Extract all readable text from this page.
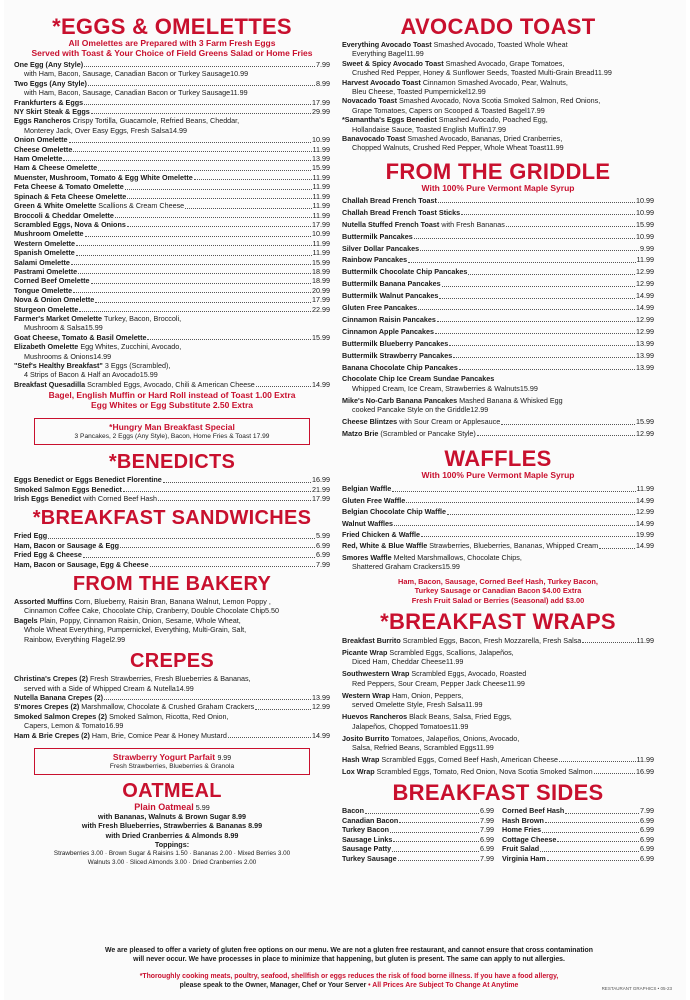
*EGGS & OMELETTES
All Omelettes are Prepared with 3 Farm Fresh Eggs
Served with Toast & Your Choice of Field Greens Salad or Home Fries
One Egg (Any Style)	7.99
with Ham, Bacon, Sausage, Canadian Bacon or Turkey Sausage 10.99
Two Eggs (Any Style)	8.99
with Ham, Bacon, Sausage, Canadian Bacon or Turkey Sausage 11.99
Frankfurters & Eggs	17.99
NY Skirt Steak & Eggs	29.99
Eggs Rancheros Crispy Tortilla, Guacamole, Refried Beans, Cheddar,
Monterey Jack, Over Easy Eggs, Fresh Salsa 14.99
Onion Omelette	10.99
Cheese Omelette	11.99
Ham Omelette	13.99
Ham & Cheese Omelette	15.99
Muenster, Mushroom, Tomato & Egg White Omelette	11.99
Feta Cheese & Tomato Omelette	11.99
Spinach & Feta Cheese Omelette	11.99
Green & White Omelette Scallions & Cream Cheese	11.99
Broccoli & Cheddar Omelette	11.99
Scrambled Eggs, Nova & Onions	17.99
Mushroom Omelette	10.99
Western Omelette	11.99
Spanish Omelette	11.99
Salami Omelette	15.99
Pastrami Omelette	18.99
Corned Beef Omelette	18.99
Tongue Omelette	20.99
Nova & Onion Omelette	17.99
Sturgeon Omelette	22.99
Farmer's Market Omelette Turkey, Bacon, Broccoli,
Mushroom & Salsa 15.99
Goat Cheese, Tomato & Basil Omelette	15.99
Elizabeth Omelette Egg Whites, Zucchini, Avocado,
Mushrooms & Onions 14.99
"Stef's Healthy Breakfast" 3 Eggs (Scrambled),
4 Strips of Bacon & Half an Avocado 15.99
Breakfast Quesadilla Scrambled Eggs, Avocado, Chili & American Cheese	14.99
Bagel, English Muffin or Hard Roll instead of Toast 1.00 Extra
Egg Whites or Egg Substitute 2.50 Extra
*Hungry Man Breakfast Special
3 Pancakes, 2 Eggs (Any Style), Bacon, Home Fries & Toast 17.99
*BENEDICTS
Eggs Benedict or Eggs Benedict Florentine	16.99
Smoked Salmon Eggs Benedict	21.99
Irish Eggs Benedict with Corned Beef Hash	17.99
*BREAKFAST SANDWICHES
Fried Egg	5.99
Ham, Bacon or Sausage & Egg	6.99
Fried Egg & Cheese	6.99
Ham, Bacon or Sausage, Egg & Cheese	7.99
FROM THE BAKERY
Assorted Muffins Corn, Blueberry, Raisin Bran, Banana Walnut, Lemon Poppy ,
Cinnamon Coffee Cake, Chocolate Chip, Cranberry, Double Chocolate Chip 5.50
Bagels Plain, Poppy, Cinnamon Raisin, Onion, Sesame, Whole Wheat,
Whole Wheat Everything, Pumpernickel, Everything, Multi-Grain, Salt,
Rainbow, Everything Flagel 2.99
CREPES
Christina's Crepes (2) Fresh Strawberries, Fresh Blueberries & Bananas,
served with a Side of Whipped Cream & Nutella 14.99
Nutella Banana Crepes (2)	13.99
S'mores Crepes (2) Marshmallow, Chocolate & Crushed Graham Crackers	12.99
Smoked Salmon Crepes (2) Smoked Salmon, Ricotta, Red Onion,
Capers, Lemon & Tomato 16.99
Ham & Brie Crepes (2) Ham, Brie, Comice Pear & Honey Mustard	14.99
Strawberry Yogurt Parfait 9.99
Fresh Strawberries, Blueberries & Granola
OATMEAL
Plain Oatmeal 5.99
with Bananas, Walnuts & Brown Sugar 8.99
with Fresh Blueberries, Strawberries & Bananas 8.99
with Dried Cranberries & Almonds 8.99
Toppings:
Strawberries 3.00 · Brown Sugar & Raisins 1.50 · Bananas 2.00 · Mixed Berries 3.00
Walnuts 3.00 · Sliced Almonds 3.00 · Dried Cranberries 2.00
AVOCADO TOAST
Everything Avocado Toast Smashed Avocado, Toasted Whole Wheat
Everything Bagel 11.99
Sweet & Spicy Avocado Toast Smashed Avocado, Grape Tomatoes,
Crushed Red Pepper, Honey & Sunflower Seeds, Toasted Multi-Grain Bread 11.99
Harvest Avocado Toast Cinnamon Smashed Avocado, Pear, Walnuts,
Bleu Cheese, Toasted Pumpernickel 12.99
Novacado Toast Smashed Avocado, Nova Scotia Smoked Salmon, Red Onions,
Grape Tomatoes, Capers on Scooped & Toasted Bagel 17.99
*Samantha's Eggs Benedict Smashed Avocado, Poached Egg,
Hollandaise Sauce, Toasted English Muffin 17.99
Banavocado Toast Smashed Avocado, Bananas, Dried Cranberries,
Chopped Walnuts, Crushed Red Pepper, Whole Wheat Toast 11.99
FROM THE GRIDDLE
With 100% Pure Vermont Maple Syrup
Challah Bread French Toast	10.99
Challah Bread French Toast Sticks	10.99
Nutella Stuffed French Toast with Fresh Bananas	15.99
Buttermilk Pancakes	10.99
Silver Dollar Pancakes	9.99
Rainbow Pancakes	11.99
Buttermilk Chocolate Chip Pancakes	12.99
Buttermilk Banana Pancakes	12.99
Buttermilk Walnut Pancakes	14.99
Gluten Free Pancakes	14.99
Cinnamon Raisin Pancakes	12.99
Cinnamon Apple Pancakes	12.99
Buttermilk Blueberry Pancakes	13.99
Buttermilk Strawberry Pancakes	13.99
Banana Chocolate Chip Pancakes	13.99
Chocolate Chip Ice Cream Sundae Pancakes
Whipped Cream, Ice Cream, Strawberries & Walnuts 15.99
Mike's No-Carb Banana Pancakes Mashed Banana & Whisked Egg
cooked Pancake Style on the Griddle 12.99
Cheese Blintzes with Sour Cream or Applesauce	15.99
Matzo Brie (Scrambled or Pancake Style)	12.99
WAFFLES
With 100% Pure Vermont Maple Syrup
Belgian Waffle	11.99
Gluten Free Waffle	14.99
Belgian Chocolate Chip Waffle	12.99
Walnut Waffles	14.99
Fried Chicken & Waffle	19.99
Red, White & Blue Waffle Strawberries, Blueberries, Bananas, Whipped Cream	14.99
Smores Waffle Melted Marshmallows, Chocolate Chips,
Shattered Graham Crackers 15.99
Ham, Bacon, Sausage, Corned Beef Hash, Turkey Bacon,
Turkey Sausage or Canadian Bacon $4.00 Extra
Fresh Fruit Salad or Berries (Seasonal) add $3.00
*BREAKFAST WRAPS
Breakfast Burrito Scrambled Eggs, Bacon, Fresh Mozzarella, Fresh Salsa	11.99
Picante Wrap Scrambled Eggs, Scallions, Jalapeños,
Diced Ham, Cheddar Cheese 11.99
Southwestern Wrap Scrambled Eggs, Avocado, Roasted
Red Peppers, Sour Cream, Pepper Jack Cheese 11.99
Western Wrap Ham, Onion, Peppers,
served Omelette Style, Fresh Salsa 11.99
Huevos Rancheros Black Beans, Salsa, Fried Eggs,
Jalapeños, Chopped Tomatoes 11.99
Josito Burrito Tomatoes, Jalapeños, Onions, Avocado,
Salsa, Refried Beans, Scrambled Eggs 11.99
Hash Wrap Scrambled Eggs, Corned Beef Hash, American Cheese	11.99
Lox Wrap Scrambled Eggs, Tomato, Red Onion, Nova Scotia Smoked Salmon	16.99
BREAKFAST SIDES
Bacon	6.99
Canadian Bacon	7.99
Turkey Bacon	7.99
Sausage Links	6.99
Sausage Patty	6.99
Turkey Sausage	7.99
Corned Beef Hash	7.99
Hash Brown	6.99
Home Fries	6.99
Cottage Cheese	6.99
Fruit Salad	6.99
Virginia Ham	6.99
We are pleased to offer a variety of gluten free options on our menu. We are not a gluten free restaurant, and cannot ensure that cross contamination
will never occur. We have processes in place to minimize that happening, but gluten is present. The same can apply to nut allergies.
*Thoroughly cooking meats, poultry, seafood, shellfish or eggs reduces the risk of food borne illness. If you have a food allergy,
please speak to the Owner, Manager, Chef or Your Server • All Prices Are Subject To Change At Anytime	RESTAURANT GRAPHICS • 05-23
